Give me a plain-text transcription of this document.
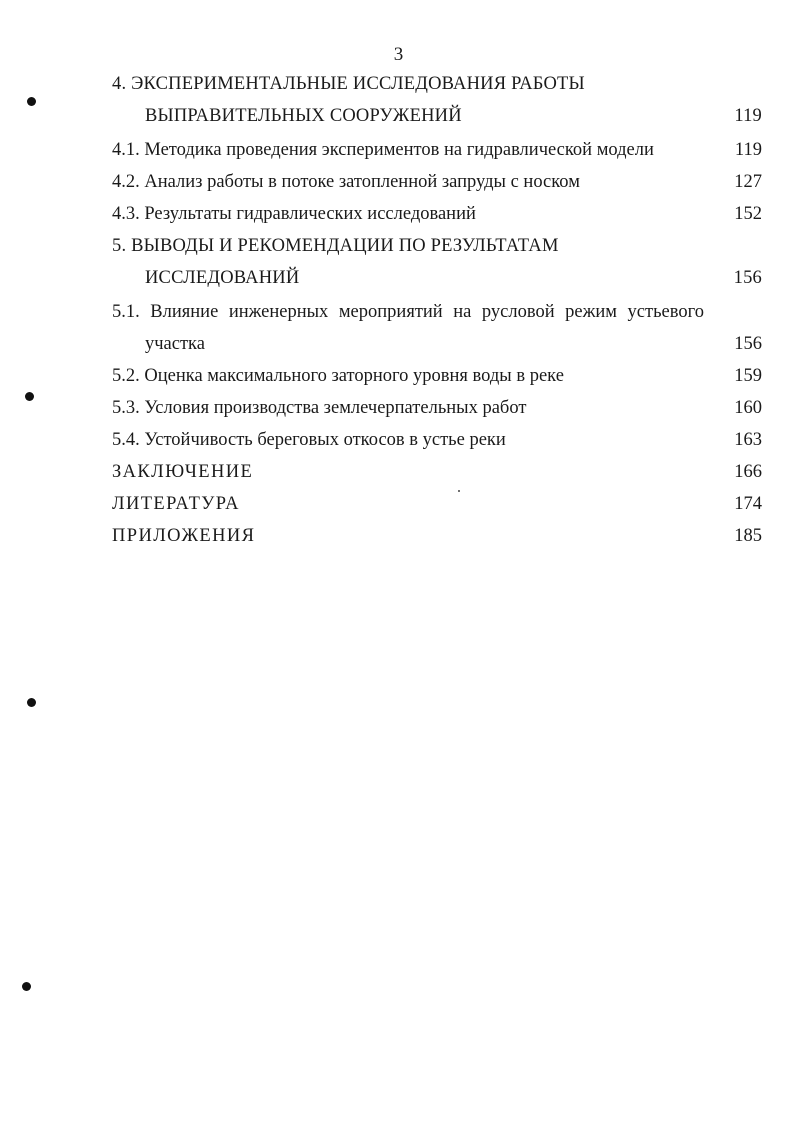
3
4. ЭКСПЕРИМЕНТАЛЬНЫЕ ИССЛЕДОВАНИЯ РАБОТЫ
ВЫПРАВИТЕЛЬНЫХ СООРУЖЕНИЙ	119
4.1. Методика проведения экспериментов на гидравлической модели	119
4.2. Анализ работы в потоке затопленной запруды с носком	127
4.3. Результаты гидравлических исследований	152
5. ВЫВОДЫ И РЕКОМЕНДАЦИИ ПО РЕЗУЛЬТАТАМ
ИССЛЕДОВАНИЙ	156
5.1. Влияние инженерных мероприятий на русловой режим устьевого
участка	156
5.2. Оценка максимального заторного уровня воды в реке	159
5.3. Условия производства землечерпательных работ	160
5.4. Устойчивость береговых откосов в устье реки	163
ЗАКЛЮЧЕНИЕ	166
ЛИТЕРАТУРА	174
ПРИЛОЖЕНИЯ	185
